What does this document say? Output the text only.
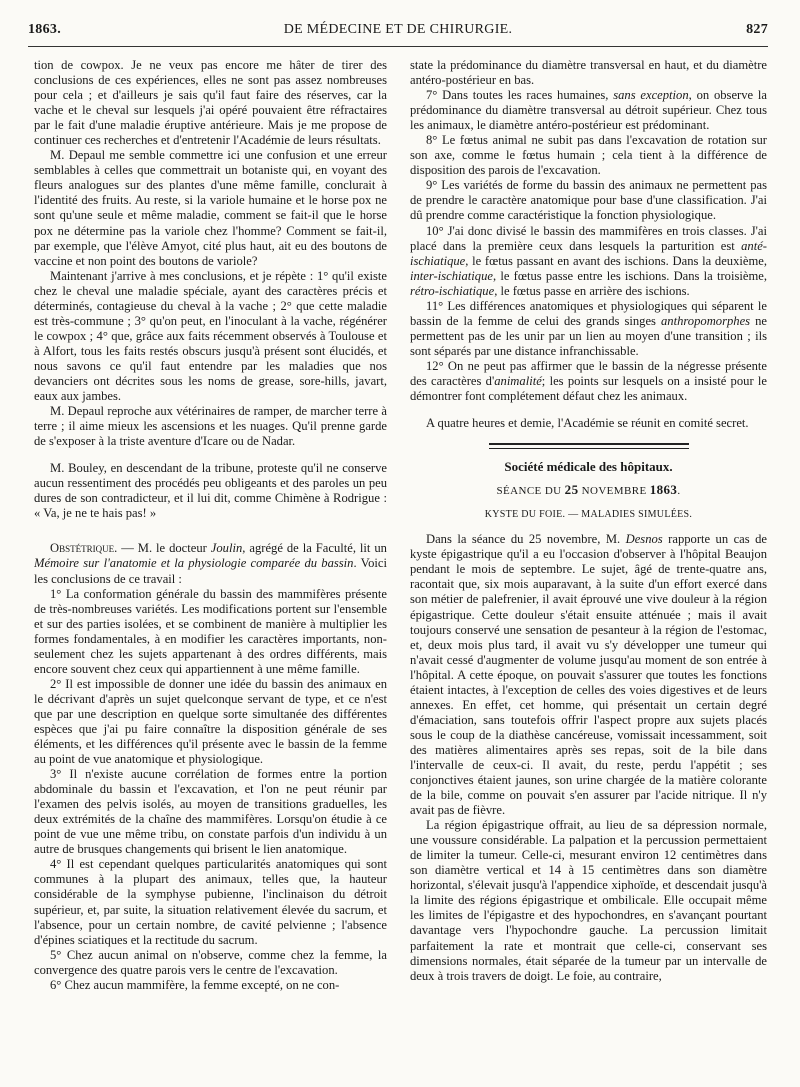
1863.	DE MÉDECINE ET DE CHIRURGIE.	827

tion de cowpox. Je ne veux pas encore me hâter de tirer des conclusions de ces expériences, elles ne sont pas assez nombreuses pour cela ; et d'ailleurs je sais qu'il faut faire des réserves, car la vache et le cheval sur lesquels j'ai opéré pouvaient être réfractaires par le fait d'une maladie éruptive antérieure. Mais je me propose de continuer ces recherches et d'entretenir l'Académie de leurs résultats.

M. Depaul me semble commettre ici une confusion et une erreur semblables à celles que commettrait un botaniste qui, en voyant des fleurs analogues sur des plantes d'une même famille, conclurait à l'identité des fruits. Au reste, si la variole humaine et le horse pox ne sont qu'une seule et même maladie, comment se fait-il que le horse pox ne détermine pas la variole chez l'homme? Comment se fait-il, par exemple, que l'élève Amyot, cité plus haut, ait eu des boutons de vaccine et non point des boutons de variole?

Maintenant j'arrive à mes conclusions, et je répète : 1° qu'il existe chez le cheval une maladie spéciale, ayant des caractères précis et déterminés, contagieuse du cheval à la vache ; 2° que cette maladie est très-commune ; 3° qu'on peut, en l'inoculant à la vache, régénérer le cowpox ; 4° que, grâce aux faits récemment observés à Toulouse et à Alfort, tous les faits restés obscurs jusqu'à présent sont élucidés, et nous savons ce qu'il faut entendre par les maladies que nos devanciers ont décrites sous les noms de grease, sore-hills, javart, eaux aux jambes.

M. Depaul reproche aux vétérinaires de ramper, de marcher terre à terre ; il aime mieux les ascensions et les nuages. Qu'il prenne garde de s'exposer à la triste aventure d'Icare ou de Nadar.

M. Bouley, en descendant de la tribune, proteste qu'il ne conserve aucun ressentiment des procédés peu obligeants et des paroles un peu dures de son contradicteur, et il lui dit, comme Chimène à Rodrigue : « Va, je ne te hais pas! »

Obstétrique. — M. le docteur Joulin, agrégé de la Faculté, lit un Mémoire sur l'anatomie et la physiologie comparée du bassin. Voici les conclusions de ce travail :

1° La conformation générale du bassin des mammifères présente de très-nombreuses variétés. Les modifications portent sur l'ensemble et sur des parties isolées, et se combinent de manière à multiplier les formes fondamentales, à en modifier les caractères importants, non-seulement chez les sujets appartenant à des ordres différents, mais encore souvent chez ceux qui appartiennent à une même famille.

2° Il est impossible de donner une idée du bassin des animaux en le décrivant d'après un sujet quelconque servant de type, et ce n'est que par une description en quelque sorte simultanée des différentes espèces que j'ai pu faire connaître la disposition générale de ses éléments, et les différences qu'il présente avec le bassin de la femme au point de vue anatomique et physiologique.

3° Il n'existe aucune corrélation de formes entre la portion abdominale du bassin et l'excavation, et l'on ne peut réunir par l'examen des pelvis isolés, au moyen de transitions graduelles, les deux extrémités de la chaîne des mammifères. Lorsqu'on étudie à ce point de vue une même tribu, on constate parfois d'un individu à un autre de brusques changements qui brisent le lien anatomique.

4° Il est cependant quelques particularités anatomiques qui sont communes à la plupart des animaux, telles que, la hauteur considérable de la symphyse pubienne, l'inclinaison du détroit supérieur, et, par suite, la situation relativement élevée du sacrum, et l'absence, pour un certain nombre, de cavité pelvienne ; l'absence d'épines sciatiques et la rectitude du sacrum.

5° Chez aucun animal on n'observe, comme chez la femme, la convergence des quatre parois vers le centre de l'excavation.

6° Chez aucun mammifère, la femme excepté, on ne con-

state la prédominance du diamètre transversal en haut, et du diamètre antéro-postérieur en bas.

7° Dans toutes les races humaines, sans exception, on observe la prédominance du diamètre transversal au détroit supérieur. Chez tous les animaux, le diamètre antéro-postérieur est prédominant.

8° Le fœtus animal ne subit pas dans l'excavation de rotation sur son axe, comme le fœtus humain ; cela tient à la différence de disposition des parois de l'excavation.

9° Les variétés de forme du bassin des animaux ne permettent pas de prendre le caractère anatomique pour base d'une classification. J'ai dû prendre comme caractéristique la fonction physiologique.

10° J'ai donc divisé le bassin des mammifères en trois classes. J'ai placé dans la première ceux dans lesquels la parturition est anté-ischiatique, le fœtus passant en avant des ischions. Dans la deuxième, inter-ischiatique, le fœtus passe entre les ischions. Dans la troisième, rétro-ischiatique, le fœtus passe en arrière des ischions.

11° Les différences anatomiques et physiologiques qui séparent le bassin de la femme de celui des grands singes anthropomorphes ne permettent pas de les unir par un lien au moyen d'une transition ; ils sont séparés par une distance infranchissable.

12° On ne peut pas affirmer que le bassin de la négresse présente des caractères d'animalité; les points sur lesquels on a insisté pour le démontrer font complétement défaut chez les animaux.

A quatre heures et demie, l'Académie se réunit en comité secret.

Société médicale des hôpitaux.
SÉANCE DU 25 NOVEMBRE 1863.
KYSTE DU FOIE. — MALADIES SIMULÉES.

Dans la séance du 25 novembre, M. Desnos rapporte un cas de kyste épigastrique qu'il a eu l'occasion d'observer à l'hôpital Beaujon pendant le mois de septembre. Le sujet, âgé de trente-quatre ans, racontait que, six mois auparavant, à la suite d'un effort exercé dans son métier de palefrenier, il avait éprouvé une vive douleur à la région épigastrique. Cette douleur s'était ensuite atténuée ; mais il avait toujours conservé une sensation de pesanteur à la région de l'estomac, et, deux mois plus tard, il avait vu s'y développer une tumeur qui n'avait cessé d'augmenter de volume jusqu'au moment de son entrée à l'hôpital. A cette époque, on pouvait s'assurer que toutes les fonctions étaient intactes, à l'exception de celles des voies digestives et de leurs annexes. En effet, cet homme, qui présentait un certain degré d'émaciation, sans toutefois offrir l'aspect propre aux sujets placés sous le coup de la diathèse cancéreuse, vomissait incessamment, soit des matières alimentaires après ses repas, soit de la bile dans l'intervalle de ceux-ci. Il avait, du reste, perdu l'appétit ; ses conjonctives étaient jaunes, son urine chargée de la matière colorante de la bile, comme on pouvait s'en assurer par l'acide nitrique. Il n'y avait pas de fièvre.

La région épigastrique offrait, au lieu de sa dépression normale, une voussure considérable. La palpation et la percussion permettaient de limiter la tumeur. Celle-ci, mesurant environ 12 centimètres dans son diamètre vertical et 14 à 15 centimètres dans son diamètre horizontal, s'élevait jusqu'à l'appendice xiphoïde, et descendait jusqu'à la limite des régions épigastrique et ombilicale. Elle occupait même les limites de l'épigastre et des hypochondres, en s'avançant pourtant davantage vers l'hypochondre gauche. La percussion limitait parfaitement la rate et montrait que celle-ci, conservant ses dimensions normales, était séparée de la tumeur par un intervalle de deux à trois travers de doigt. Le foie, au contraire,
